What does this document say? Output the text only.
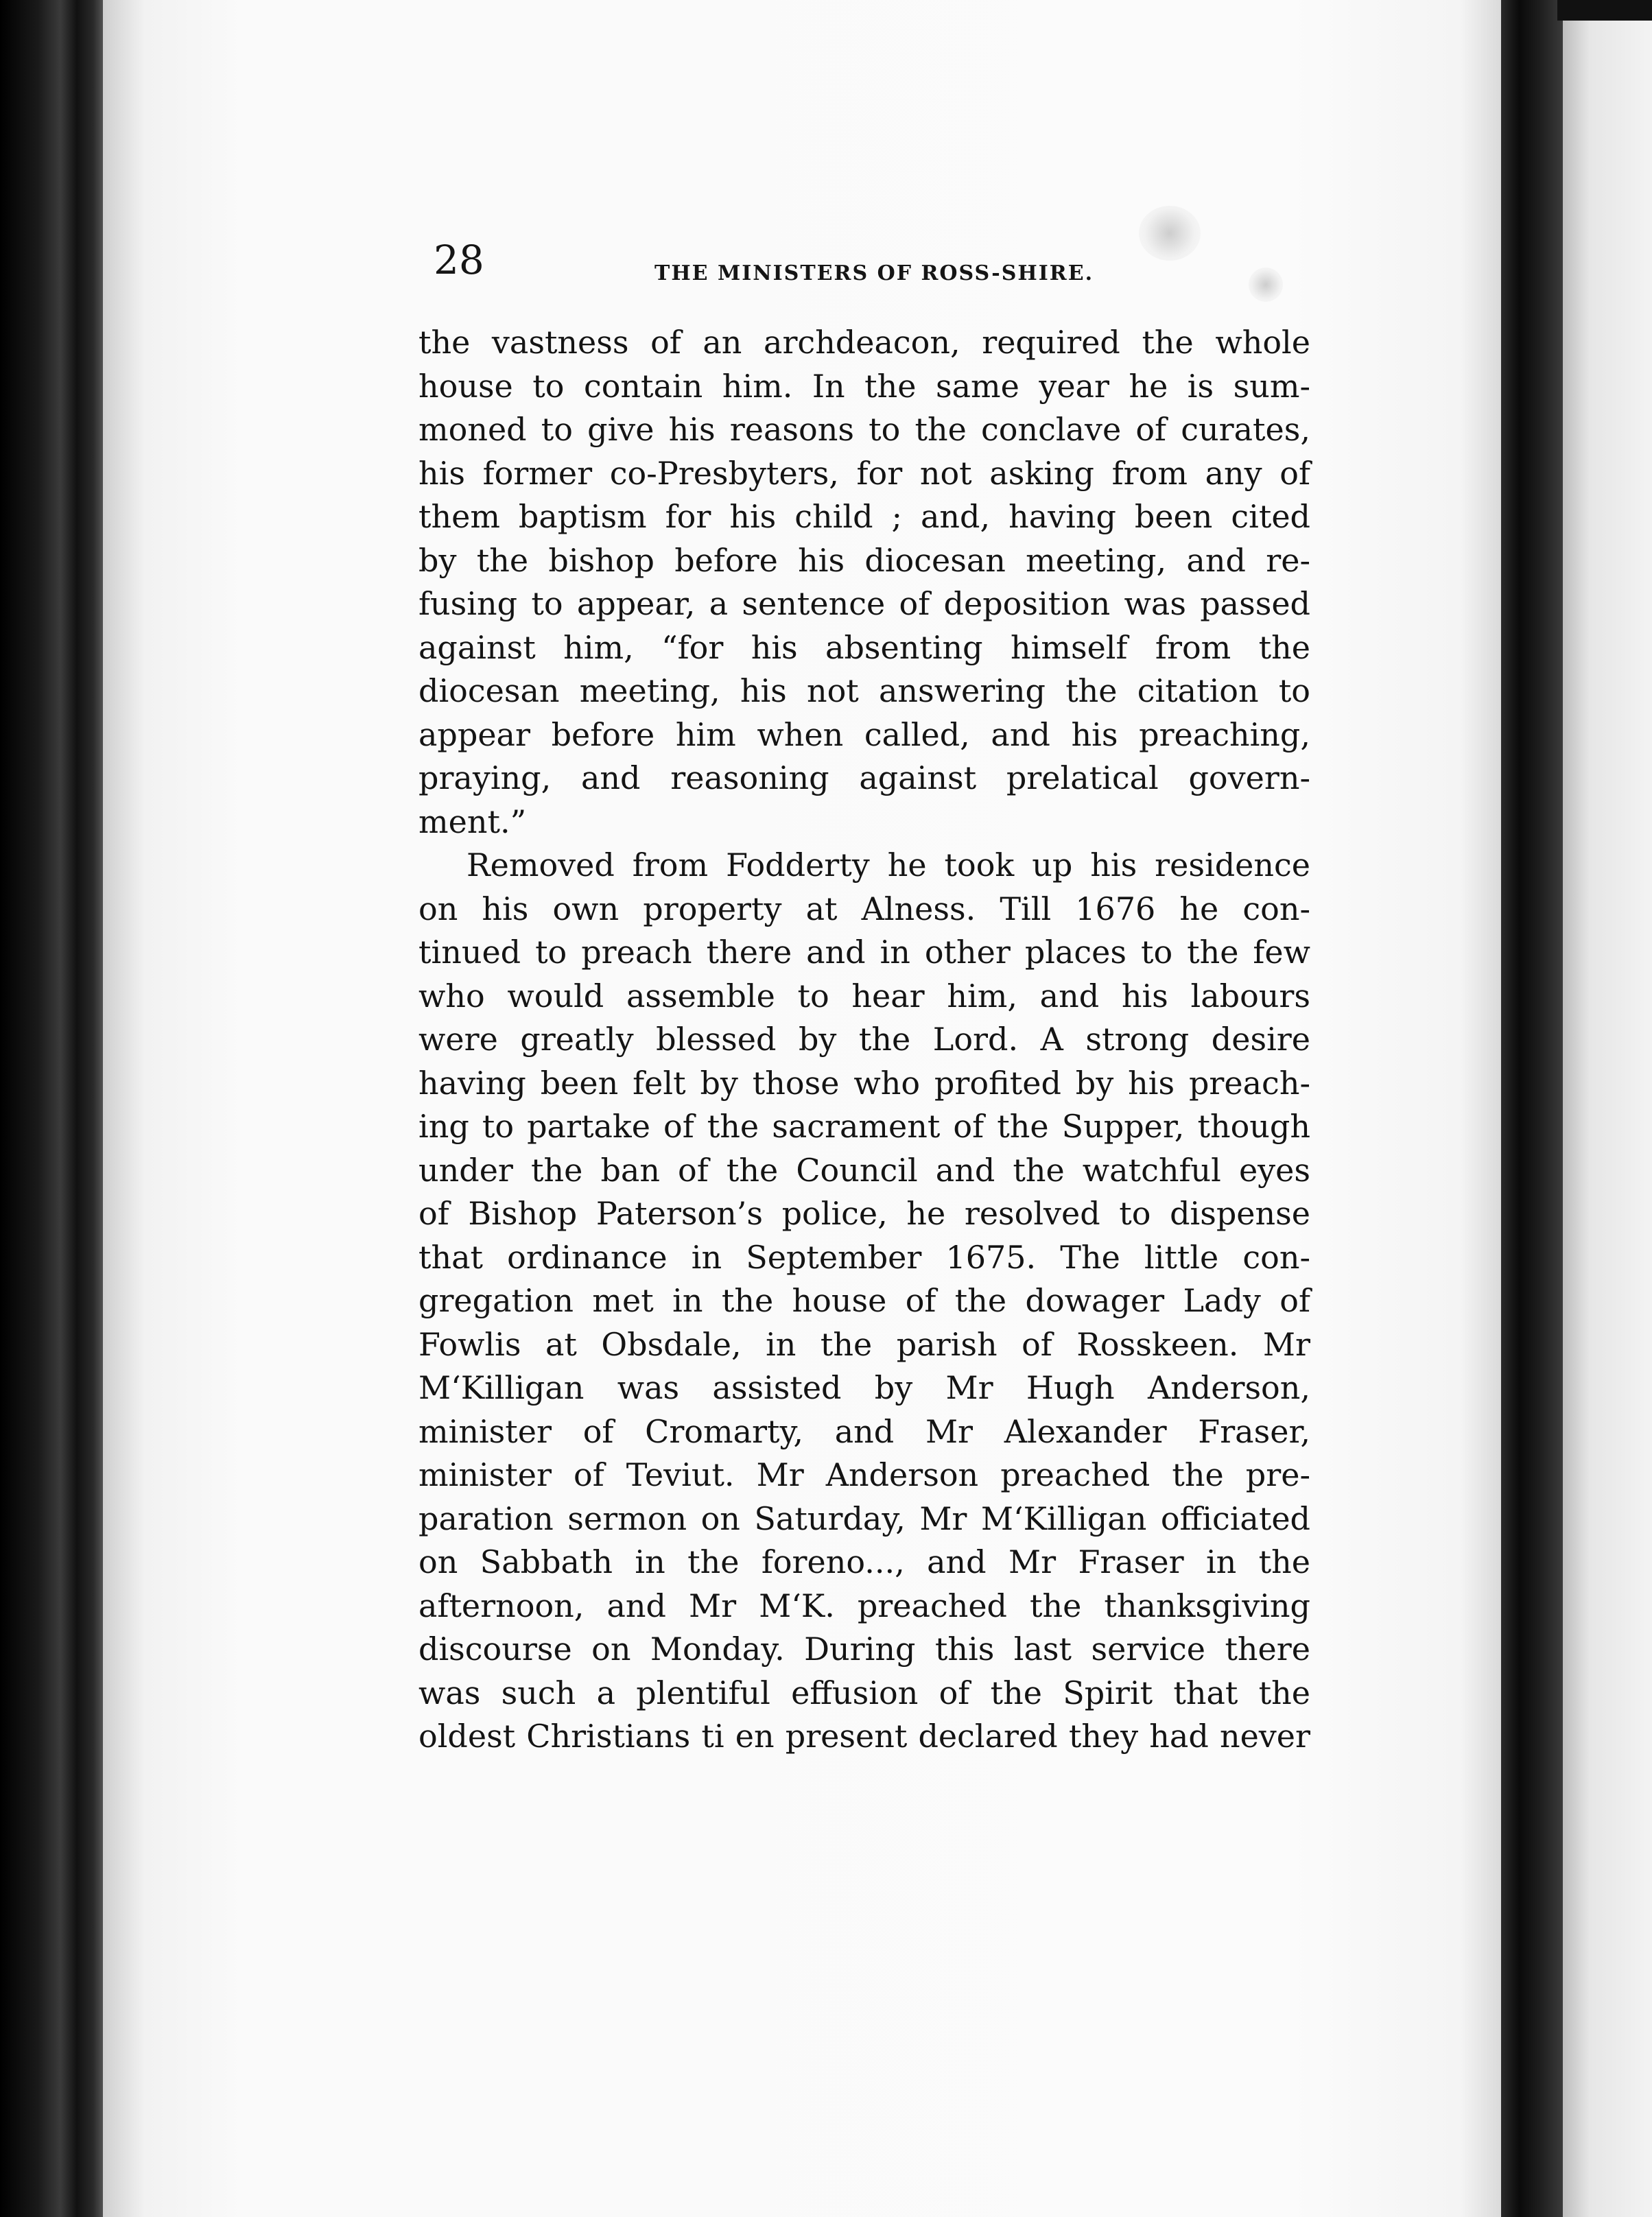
28	THE MINISTERS OF ROSS-SHIRE.
the vastness of an archdeacon, required the whole
house to contain him. In the same year he is sum-
moned to give his reasons to the conclave of curates,
his former co-Presbyters, for not asking from any of
them baptism for his child ; and, having been cited
by the bishop before his diocesan meeting, and re-
fusing to appear, a sentence of deposition was passed
against him, “for his absenting himself from the
diocesan meeting, his not answering the citation to
appear before him when called, and his preaching,
praying, and reasoning against prelatical govern-
ment.”
Removed from Fodderty he took up his residence
on his own property at Alness. Till 1676 he con-
tinued to preach there and in other places to the few
who would assemble to hear him, and his labours
were greatly blessed by the Lord. A strong desire
having been felt by those who profited by his preach-
ing to partake of the sacrament of the Supper, though
under the ban of the Council and the watchful eyes
of Bishop Paterson’s police, he resolved to dispense
that ordinance in September 1675. The little con-
gregation met in the house of the dowager Lady of
Fowlis at Obsdale, in the parish of Rosskeen. Mr
M‘Killigan was assisted by Mr Hugh Anderson,
minister of Cromarty, and Mr Alexander Fraser,
minister of Teviut. Mr Anderson preached the pre-
paration sermon on Saturday, Mr M‘Killigan officiated
on Sabbath in the foreno..., and Mr Fraser in the
afternoon, and Mr M‘K. preached the thanksgiving
discourse on Monday. During this last service there
was such a plentiful effusion of the Spirit that the
oldest Christians ti en present declared they had never
